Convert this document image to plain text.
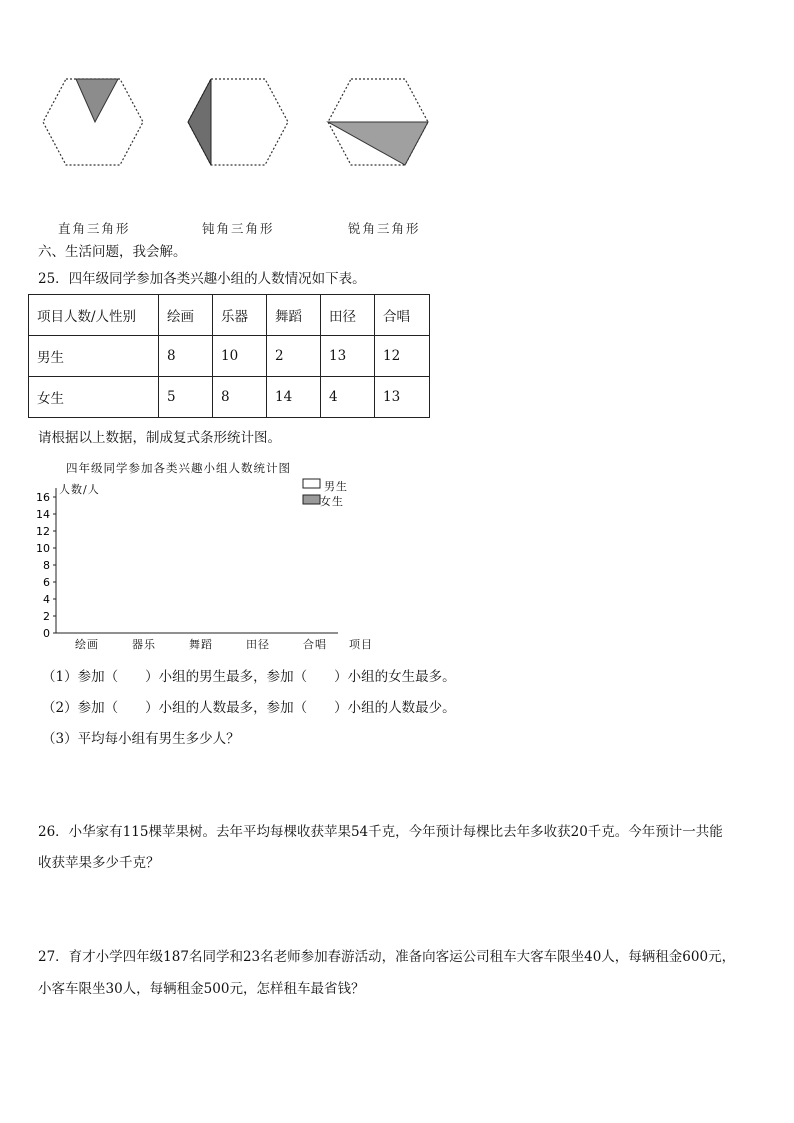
直角三角形	钝角三角形	锐角三角形
六、生活问题，我会解。
25．四年级同学参加各类兴趣小组的人数情况如下表。
项目人数/人性别	绘画	乐器	舞蹈	田径	合唱
男生	8	10	2	13	12
女生	5	8	14	4	13
请根据以上数据，制成复式条形统计图。
四年级同学参加各类兴趣小组人数统计图
0
2
4
6
8
10
12
14
16
人数/人	男生
女生
绘画	器乐	舞蹈	田径	合唱 项目
（1）参加（　　）小组的男生最多，参加（　　）小组的女生最多。
（2）参加（　　）小组的人数最多，参加（　　）小组的人数最少。
（3）平均每小组有男生多少人？
26．小华家有115棵苹果树。去年平均每棵收获苹果54千克，今年预计每棵比去年多收获20千克。今年预计一共能
收获苹果多少千克？
27．育才小学四年级187名同学和23名老师参加春游活动，准备向客运公司租车大客车限坐40人，每辆租金600元，
小客车限坐30人，每辆租金500元，怎样租车最省钱？
